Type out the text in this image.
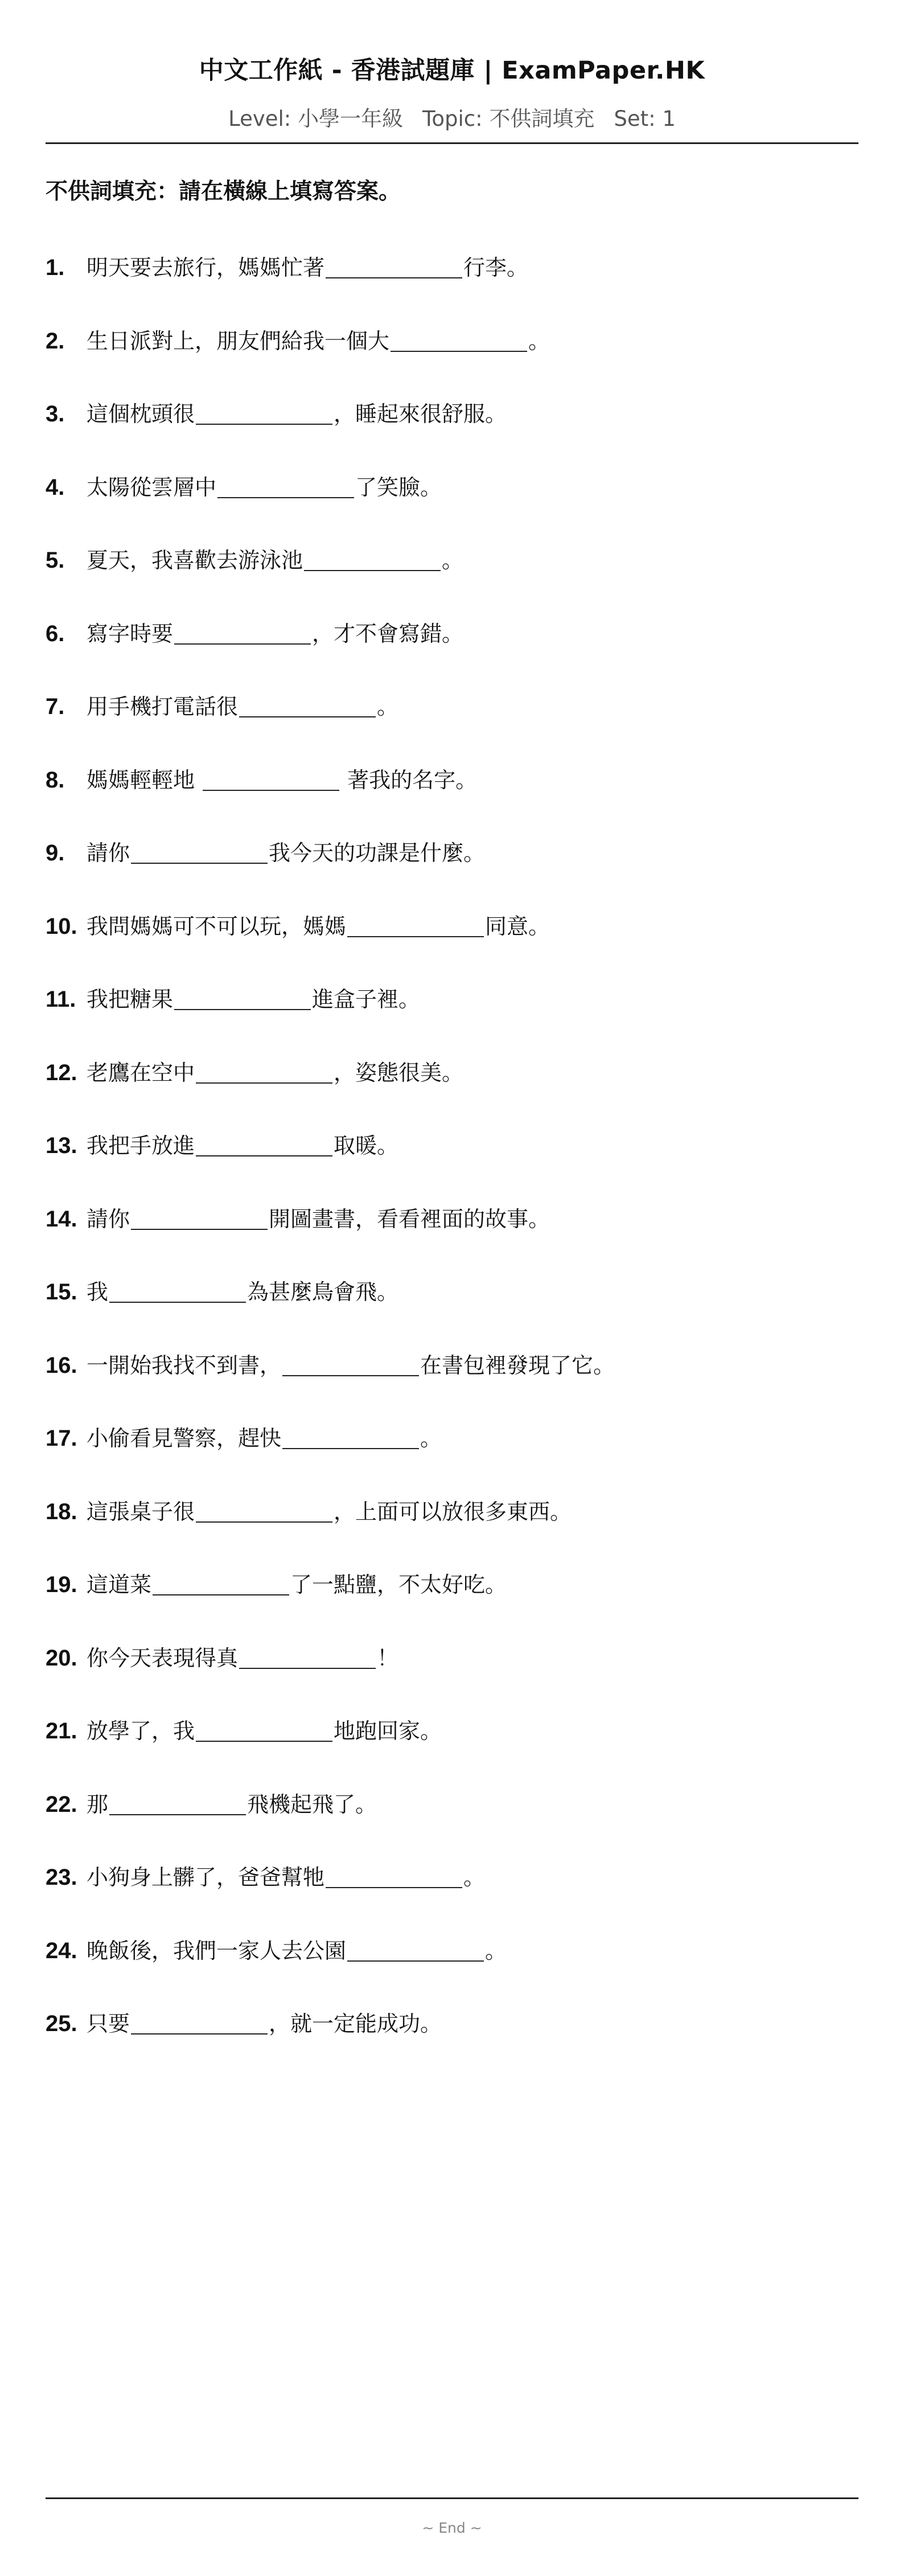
中文工作紙 - 香港試題庫 | ExamPaper.HK
Level: 小學一年級 Topic: 不供詞填充 Set: 1
不供詞填充：請在橫線上填寫答案。
1. 明天要去旅行，媽媽忙著	行李。
2. 生日派對上，朋友們給我一個大	。
3. 這個枕頭很	，睡起來很舒服。
4. 太陽從雲層中	了笑臉。
5. 夏天，我喜歡去游泳池	。
6. 寫字時要	，才不會寫錯。
7. 用手機打電話很	。
8. 媽媽輕輕地	著我的名字。
9. 請你	我今天的功課是什麼。
10. 我問媽媽可不可以玩，媽媽	同意。
11. 我把糖果	進盒子裡。
12. 老鷹在空中	，姿態很美。
13. 我把手放進	取暖。
14. 請你	開圖畫書，看看裡面的故事。
15. 我	為甚麼鳥會飛。
16. 一開始我找不到書，	在書包裡發現了它。
17. 小偷看見警察，趕快	。
18. 這張桌子很	，上面可以放很多東西。
19. 這道菜	了一點鹽，不太好吃。
20. 你今天表現得真	！
21. 放學了，我	地跑回家。
22. 那	飛機起飛了。
23. 小狗身上髒了，爸爸幫牠	。
24. 晚飯後，我們一家人去公園	。
25. 只要	，就一定能成功。
~ End ~
